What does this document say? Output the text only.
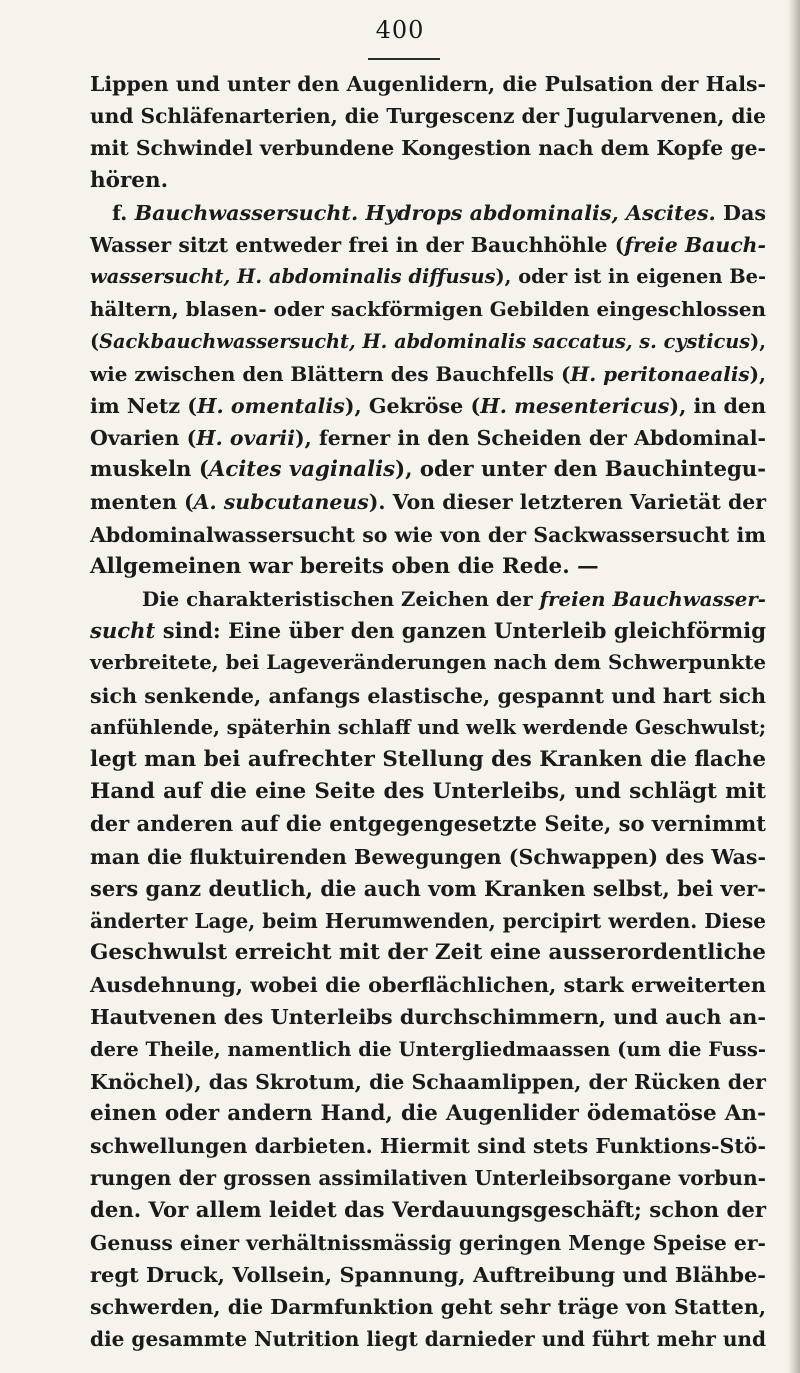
400
Lippen und unter den Augenlidern, die Pulsation der Hals-
und Schläfenarterien, die Turgescenz der Jugularvenen, die
mit Schwindel verbundene Kongestion nach dem Kopfe ge-
hören.
f. Bauchwassersucht. Hydrops abdominalis, Ascites. Das
Wasser sitzt entweder frei in der Bauchhöhle (freie Bauch-
wassersucht, H. abdominalis diffusus), oder ist in eigenen Be-
hältern, blasen- oder sackförmigen Gebilden eingeschlossen
(Sackbauchwassersucht, H. abdominalis saccatus, s. cysticus),
wie zwischen den Blättern des Bauchfells (H. peritonaealis),
im Netz (H. omentalis), Gekröse (H. mesentericus), in den
Ovarien (H. ovarii), ferner in den Scheiden der Abdominal-
muskeln (Acites vaginalis), oder unter den Bauchintegu-
menten (A. subcutaneus). Von dieser letzteren Varietät der
Abdominalwassersucht so wie von der Sackwassersucht im
Allgemeinen war bereits oben die Rede. —
Die charakteristischen Zeichen der freien Bauchwasser-
sucht sind: Eine über den ganzen Unterleib gleichförmig
verbreitete, bei Lageveränderungen nach dem Schwerpunkte
sich senkende, anfangs elastische, gespannt und hart sich
anfühlende, späterhin schlaff und welk werdende Geschwulst;
legt man bei aufrechter Stellung des Kranken die flache
Hand auf die eine Seite des Unterleibs, und schlägt mit
der anderen auf die entgegengesetzte Seite, so vernimmt
man die fluktuirenden Bewegungen (Schwappen) des Was-
sers ganz deutlich, die auch vom Kranken selbst, bei ver-
änderter Lage, beim Herumwenden, percipirt werden. Diese
Geschwulst erreicht mit der Zeit eine ausserordentliche
Ausdehnung, wobei die oberflächlichen, stark erweiterten
Hautvenen des Unterleibs durchschimmern, und auch an-
dere Theile, namentlich die Untergliedmaassen (um die Fuss-
Knöchel), das Skrotum, die Schaamlippen, der Rücken der
einen oder andern Hand, die Augenlider ödematöse An-
schwellungen darbieten. Hiermit sind stets Funktions-Stö-
rungen der grossen assimilativen Unterleibsorgane vorbun-
den. Vor allem leidet das Verdauungsgeschäft; schon der
Genuss einer verhältnissmässig geringen Menge Speise er-
regt Druck, Vollsein, Spannung, Auftreibung und Blähbe-
schwerden, die Darmfunktion geht sehr träge von Statten,
die gesammte Nutrition liegt darnieder und führt mehr und
